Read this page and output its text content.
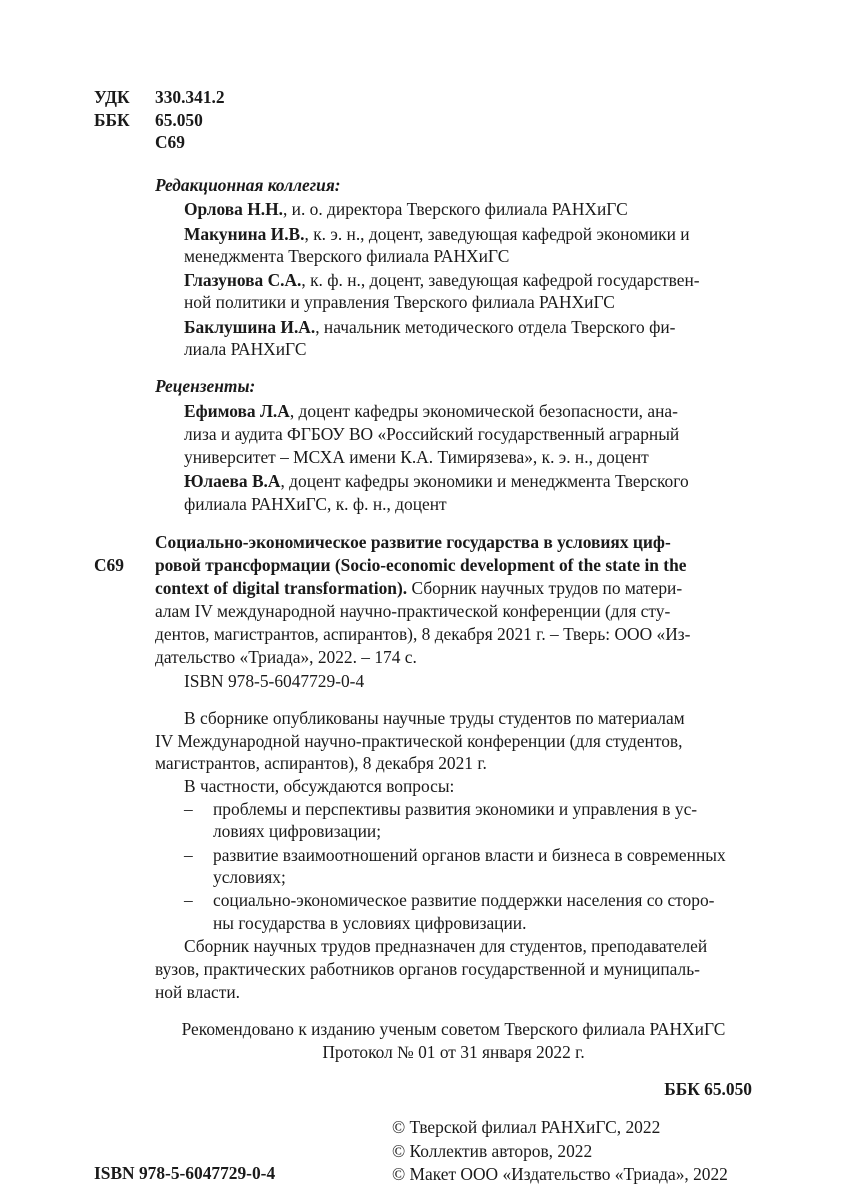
УДК 330.341.2
ББК 65.050
С69
Редакционная коллегия:
Орлова Н.Н., и. о. директора Тверского филиала РАНХиГС
Макунина И.В., к. э. н., доцент, заведующая кафедрой экономики и
менеджмента Тверского филиала РАНХиГС
Глазунова С.А., к. ф. н., доцент, заведующая кафедрой государствен-
ной политики и управления Тверского филиала РАНХиГС
Баклушина И.А., начальник методического отдела Тверского фи-
лиала РАНХиГС
Рецензенты:
Ефимова Л.А, доцент кафедры экономической безопасности, ана-
лиза и аудита ФГБОУ ВО «Российский государственный аграрный
университет – МСХА имени К.А. Тимирязева», к. э. н., доцент
Юлаева В.А, доцент кафедры экономики и менеджмента Тверского
филиала РАНХиГС, к. ф. н., доцент
С69
Социально-экономическое развитие государства в условиях циф-
ровой трансформации (Socio-economic development of the state in the
context of digital transformation). Сборник научных трудов по матери-
алам IV международной научно-практической конференции (для сту-
дентов, магистрантов, аспирантов), 8 декабря 2021 г. – Тверь: ООО «Из-
дательство «Триада», 2022. – 174 с.
ISBN 978-5-6047729-0-4
В сборнике опубликованы научные труды студентов по материалам
IV Международной научно-практической конференции (для студентов,
магистрантов, аспирантов), 8 декабря 2021 г.
В частности, обсуждаются вопросы:
– проблемы и перспективы развития экономики и управления в ус-
ловиях цифровизации;
– развитие взаимоотношений органов власти и бизнеса в современных
условиях;
– социально-экономическое развитие поддержки населения со сторо-
ны государства в условиях цифровизации.
Сборник научных трудов предназначен для студентов, преподавателей
вузов, практических работников органов государственной и муниципаль-
ной власти.
Рекомендовано к изданию ученым советом Тверского филиала РАНХиГС
Протокол № 01 от 31 января 2022 г.
ББК 65.050
© Тверской филиал РАНХиГС, 2022
© Коллектив авторов, 2022
© Макет ООО «Издательство «Триада», 2022
ISBN 978-5-6047729-0-4
